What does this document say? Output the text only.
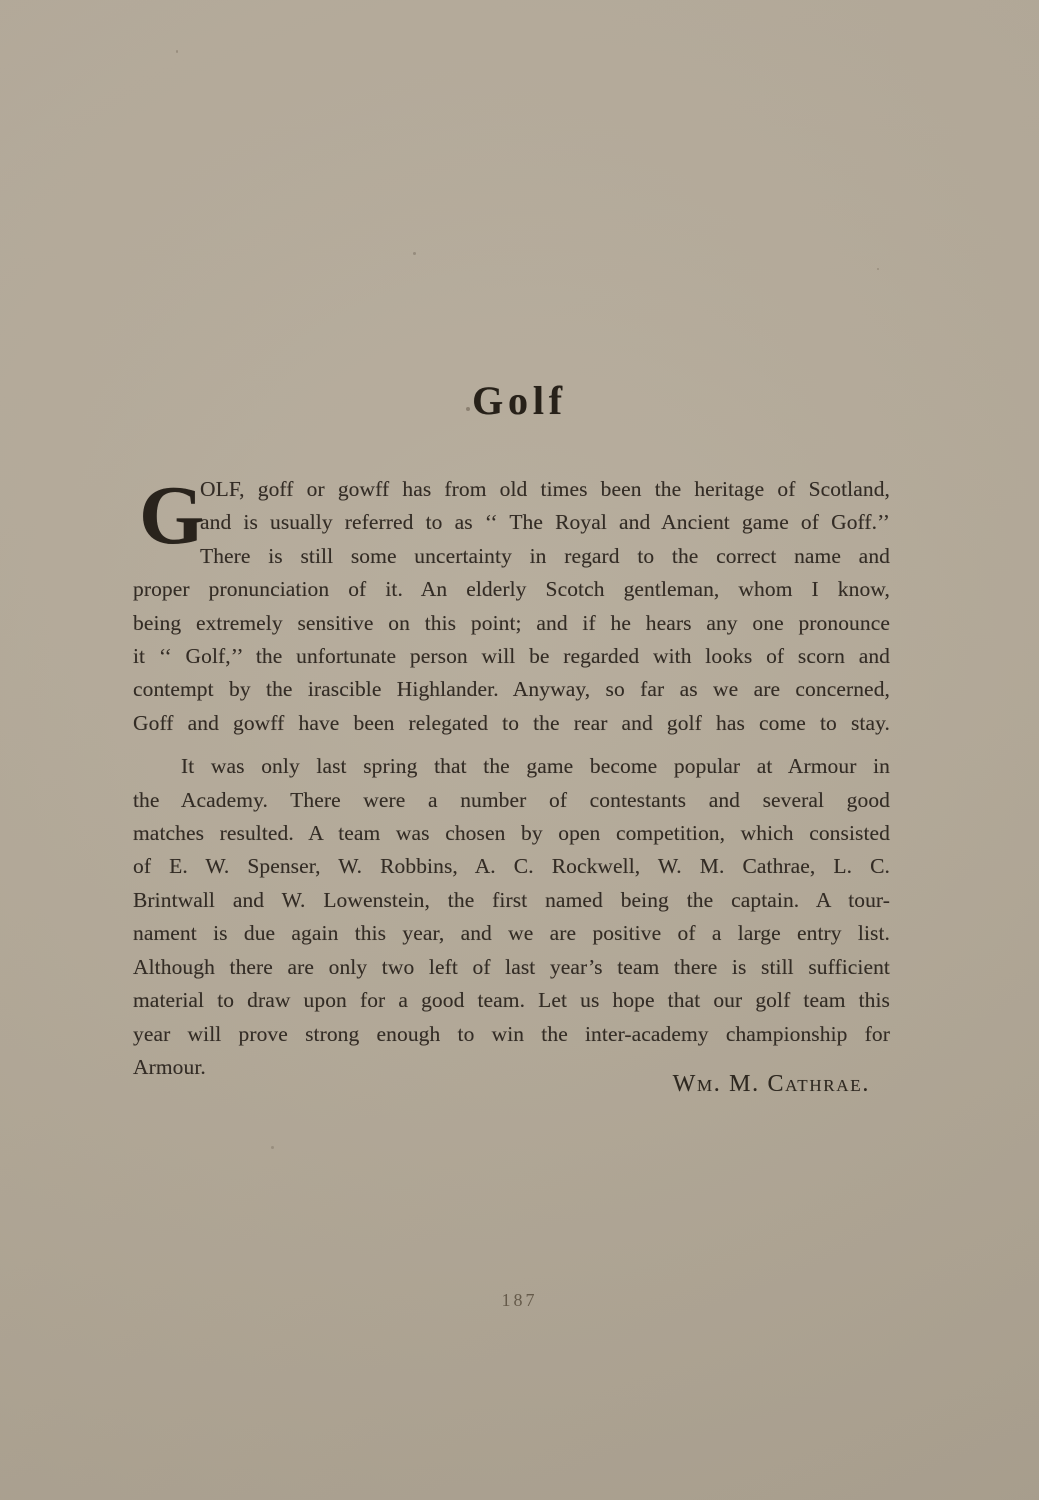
Golf
G
OLF, goff or gowff has from old times been the heritage of Scotland,
and is usually referred to as ‘‘ The Royal and Ancient game of Goff.’’
There is still some uncertainty in regard to the correct name and
proper pronunciation of it. An elderly Scotch gentleman, whom I know,
being extremely sensitive on this point; and if he hears any one pronounce
it ‘‘ Golf,’’ the unfortunate person will be regarded with looks of scorn and
contempt by the irascible Highlander. Anyway, so far as we are concerned,
Goff and gowff have been relegated to the rear and golf has come to stay.
It was only last spring that the game become popular at Armour in
the Academy. There were a number of contestants and several good
matches resulted. A team was chosen by open competition, which consisted
of E. W. Spenser, W. Robbins, A. C. Rockwell, W. M. Cathrae, L. C.
Brintwall and W. Lowenstein, the first named being the captain. A tour-
nament is due again this year, and we are positive of a large entry list.
Although there are only two left of last year’s team there is still sufficient
material to draw upon for a good team. Let us hope that our golf team this
year will prove strong enough to win the inter-academy championship for
Armour.
Wm. M. Cathrae.
187
